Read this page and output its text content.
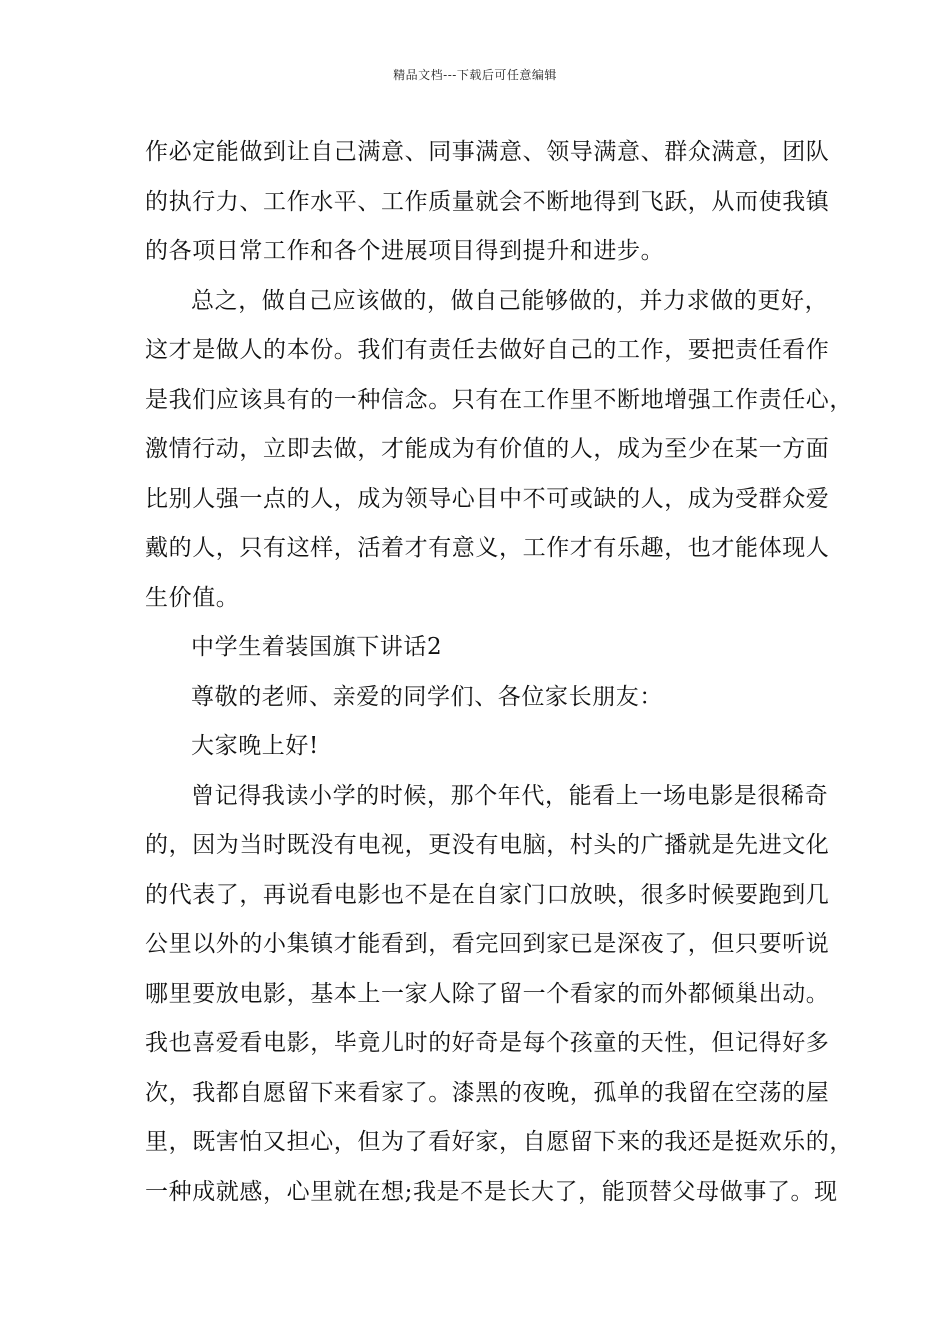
精品文档---下载后可任意编辑
作必定能做到让自己满意、同事满意、领导满意、群众满意，团队
的执行力、工作水平、工作质量就会不断地得到飞跃，从而使我镇
的各项日常工作和各个进展项目得到提升和进步。
总之，做自己应该做的，做自己能够做的，并力求做的更好，
这才是做人的本份。我们有责任去做好自己的工作，要把责任看作
是我们应该具有的一种信念。只有在工作里不断地增强工作责任心，
激情行动，立即去做，才能成为有价值的人，成为至少在某一方面
比别人强一点的人，成为领导心目中不可或缺的人，成为受群众爱
戴的人，只有这样，活着才有意义，工作才有乐趣，也才能体现人
生价值。
中学生着装国旗下讲话2
尊敬的老师、亲爱的同学们、各位家长朋友：
大家晚上好!
曾记得我读小学的时候，那个年代，能看上一场电影是很稀奇
的，因为当时既没有电视，更没有电脑，村头的广播就是先进文化
的代表了，再说看电影也不是在自家门口放映，很多时候要跑到几
公里以外的小集镇才能看到，看完回到家已是深夜了，但只要听说
哪里要放电影，基本上一家人除了留一个看家的而外都倾巢出动。
我也喜爱看电影，毕竟儿时的好奇是每个孩童的天性，但记得好多
次，我都自愿留下来看家了。漆黑的夜晚，孤单的我留在空荡的屋
里，既害怕又担心，但为了看好家，自愿留下来的我还是挺欢乐的，
一种成就感，心里就在想;我是不是长大了，能顶替父母做事了。现
